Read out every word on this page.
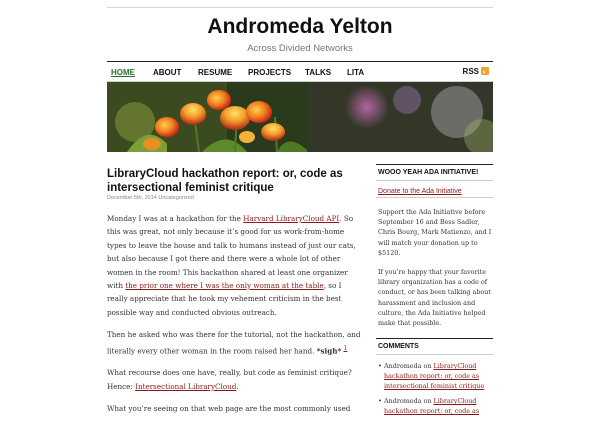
Andromeda Yelton
Across Divided Networks
HOME ABOUT RESUME PROJECTS TALKS LITA	RSS
LibraryCloud hackathon report: or, code as intersectional feminist critique
December 5th, 2014 Uncategorized

Monday I was at a hackathon for the Harvard LibraryCloud API. So this was great, not only because it’s good for us work-from-home types to leave the house and talk to humans instead of just our cats, but also because I got there and there were a whole lot of other women in the room! This hackathon shared at least one organizer with the prior one where I was the only woman at the table, so I really appreciate that he took my vehement criticism in the best possible way and conducted obvious outreach.

Then he asked who was there for the tutorial, not the hackathon, and literally every other woman in the room raised her hand. *sigh* $^1$

What recourse does one have, really, but code as feminist critique? Hence: Intersectional LibraryCloud.

What you’re seeing on that web page are the most commonly used

WOOO YEAH ADA INITIATIVE!
Donate to the Ada Initiative
Support the Ada Initiative before September 16 and Bess Sadler, Chris Bourg, Mark Matienzo, and I will match your donation up to $5120.
If you’re happy that your favorite library organization has a code of conduct, or has been talking about harassment and inclusion and culture, the Ada Initiative helped make that possible.
COMMENTS
• Andromeda on LibraryCloud hackathon report: or, code as intersectional feminist critique
• Andromeda on LibraryCloud hackathon report: or, code as
